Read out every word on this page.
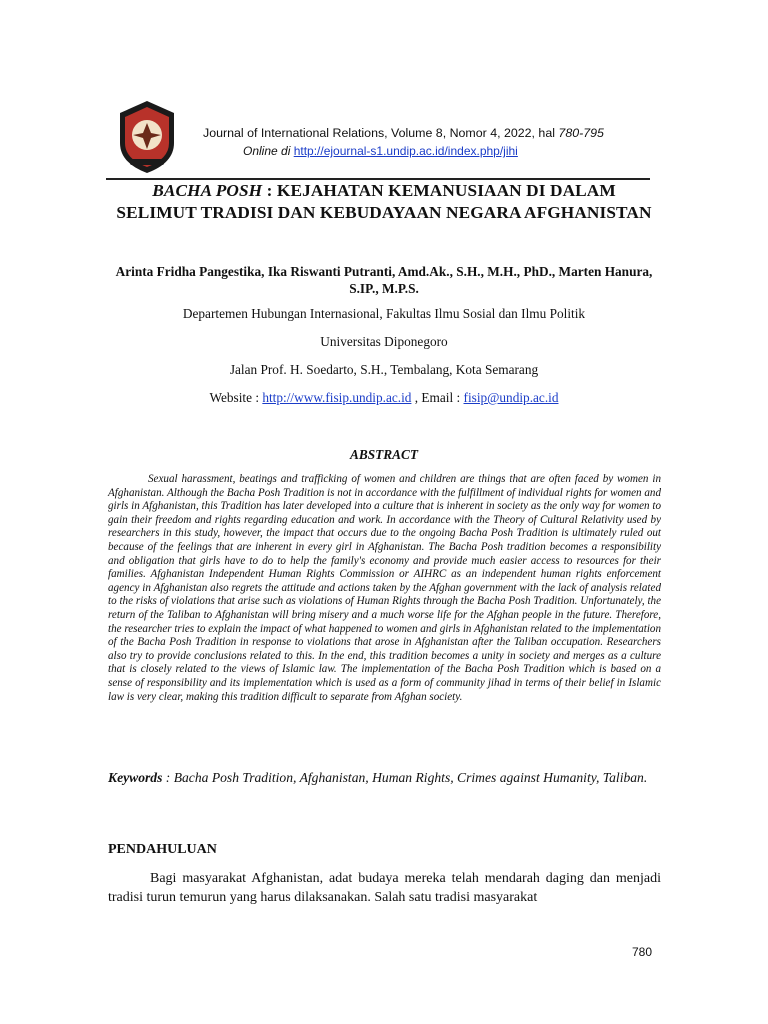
Journal of International Relations, Volume 8, Nomor 4, 2022, hal 780-795
Online di http://ejournal-s1.undip.ac.id/index.php/jihi
BACHA POSH : KEJAHATAN KEMANUSIAAN DI DALAM
SELIMUT TRADISI DAN KEBUDAYAAN NEGARA AFGHANISTAN
Arinta Fridha Pangestika, Ika Riswanti Putranti, Amd.Ak., S.H., M.H., PhD., Marten Hanura, S.IP., M.P.S.
Departemen Hubungan Internasional, Fakultas Ilmu Sosial dan Ilmu Politik
Universitas Diponegoro
Jalan Prof. H. Soedarto, S.H., Tembalang, Kota Semarang
Website : http://www.fisip.undip.ac.id , Email : fisip@undip.ac.id
ABSTRACT

Sexual harassment, beatings and trafficking of women and children are things that are often faced by women in Afghanistan. Although the Bacha Posh Tradition is not in accordance with the fulfillment of individual rights for women and girls in Afghanistan, this Tradition has later developed into a culture that is inherent in society as the only way for women to gain their freedom and rights regarding education and work. In accordance with the Theory of Cultural Relativity used by researchers in this study, however, the impact that occurs due to the ongoing Bacha Posh Tradition is ultimately ruled out because of the feelings that are inherent in every girl in Afghanistan. The Bacha Posh tradition becomes a responsibility and obligation that girls have to do to help the family's economy and provide much easier access to resources for their families. Afghanistan Independent Human Rights Commission or AIHRC as an independent human rights enforcement agency in Afghanistan also regrets the attitude and actions taken by the Afghan government with the lack of analysis related to the risks of violations that arise such as violations of Human Rights through the Bacha Posh Tradition. Unfortunately, the return of the Taliban to Afghanistan will bring misery and a much worse life for the Afghan people in the future. Therefore, the researcher tries to explain the impact of what happened to women and girls in Afghanistan related to the implementation of the Bacha Posh Tradition in response to violations that arose in Afghanistan after the Taliban occupation. Researchers also try to provide conclusions related to this. In the end, this tradition becomes a unity in society and merges as a culture that is closely related to the views of Islamic law. The implementation of the Bacha Posh Tradition which is based on a sense of responsibility and its implementation which is used as a form of community jihad in terms of their belief in Islamic law is very clear, making this tradition difficult to separate from Afghan society.

Keywords : Bacha Posh Tradition, Afghanistan, Human Rights, Crimes against Humanity, Taliban.
PENDAHULUAN

Bagi masyarakat Afghanistan, adat budaya mereka telah mendarah daging dan menjadi tradisi turun temurun yang harus dilaksanakan. Salah satu tradisi masyarakat

780
